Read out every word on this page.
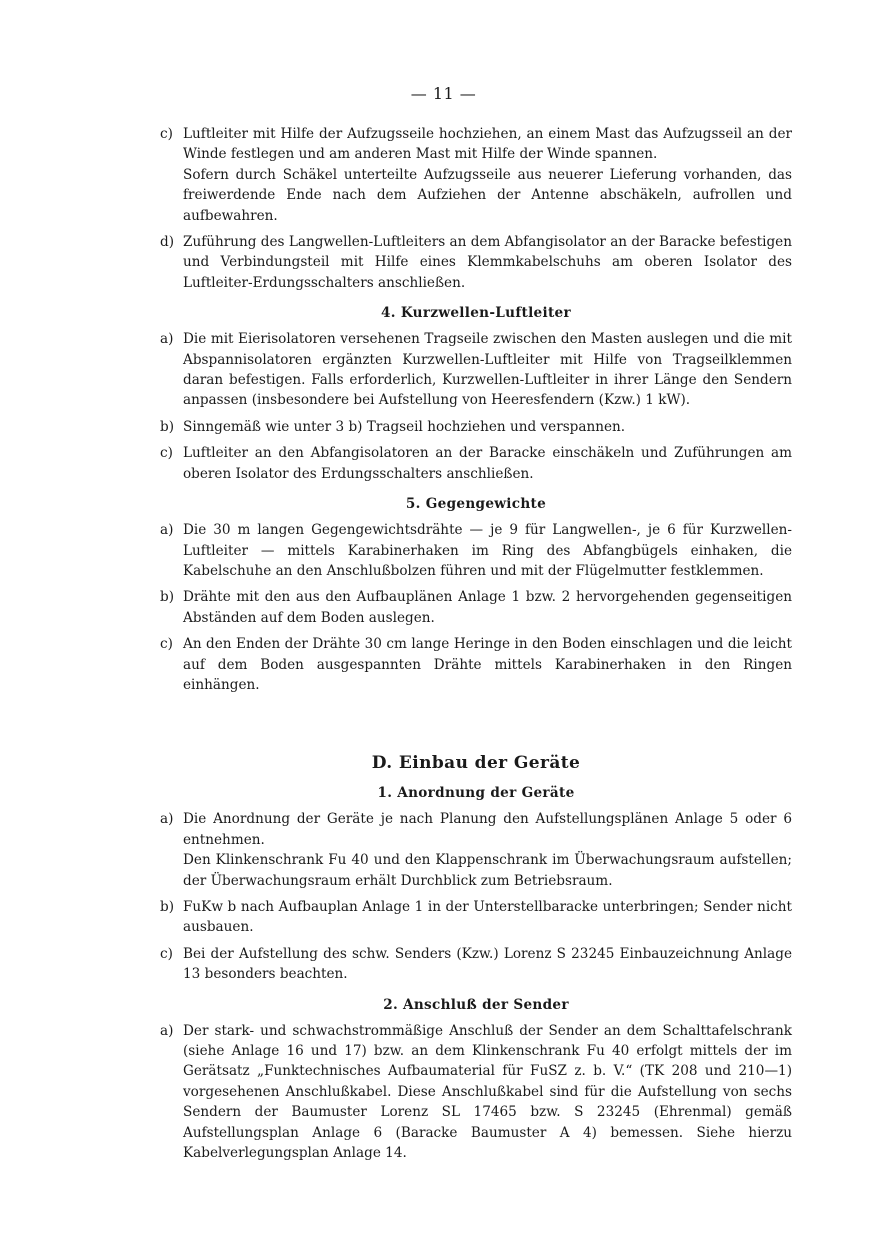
— 11 —
c) Luftleiter mit Hilfe der Aufzugsseile hochziehen, an einem Mast das Aufzugsseil an der Winde festlegen und am anderen Mast mit Hilfe der Winde spannen.

Sofern durch Schäkel unterteilte Aufzugsseile aus neuerer Lieferung vorhanden, das freiwerdende Ende nach dem Aufziehen der Antenne abschäkeln, aufrollen und aufbewahren.

d) Zuführung des Langwellen-Luftleiters an dem Abfangisolator an der Baracke befestigen und Verbindungsteil mit Hilfe eines Klemmkabelschuhs am oberen Isolator des Luftleiter-Erdungsschalters anschließen.

4. Kurzwellen-Luftleiter
a) Die mit Eierisolatoren versehenen Tragseile zwischen den Masten auslegen und die mit Abspannisolatoren ergänzten Kurzwellen-Luftleiter mit Hilfe von Tragseilklemmen daran befestigen. Falls erforderlich, Kurzwellen-Luftleiter in ihrer Länge den Sendern anpassen (insbesondere bei Aufstellung von Heeresfendern (Kzw.) 1 kW).

b) Sinngemäß wie unter 3 b) Tragseil hochziehen und verspannen.

c) Luftleiter an den Abfangisolatoren an der Baracke einschäkeln und Zuführungen am oberen Isolator des Erdungsschalters anschließen.

5. Gegengewichte
a) Die 30 m langen Gegengewichtsdrähte — je 9 für Langwellen-, je 6 für Kurzwellen-Luftleiter — mittels Karabinerhaken im Ring des Abfangbügels einhaken, die Kabelschuhe an den Anschlußbolzen führen und mit der Flügelmutter festklemmen.

b) Drähte mit den aus den Aufbauplänen Anlage 1 bzw. 2 hervorgehenden gegenseitigen Abständen auf dem Boden auslegen.

c) An den Enden der Drähte 30 cm lange Heringe in den Boden einschlagen und die leicht auf dem Boden ausgespannten Drähte mittels Karabinerhaken in den Ringen einhängen.

D. Einbau der Geräte
1. Anordnung der Geräte
a) Die Anordnung der Geräte je nach Planung den Aufstellungsplänen Anlage 5 oder 6 entnehmen.

Den Klinkenschrank Fu 40 und den Klappenschrank im Überwachungsraum aufstellen; der Überwachungsraum erhält Durchblick zum Betriebsraum.

b) FuKw b nach Aufbauplan Anlage 1 in der Unterstellbaracke unterbringen; Sender nicht ausbauen.

c) Bei der Aufstellung des schw. Senders (Kzw.) Lorenz S 23245 Einbauzeichnung Anlage 13 besonders beachten.

2. Anschluß der Sender
a) Der stark- und schwachstrommäßige Anschluß der Sender an dem Schalttafelschrank (siehe Anlage 16 und 17) bzw. an dem Klinkenschrank Fu 40 erfolgt mittels der im Gerätsatz „Funktechnisches Aufbaumaterial für FuSZ z. b. V.“ (TK 208 und 210—1) vorgesehenen Anschlußkabel. Diese Anschlußkabel sind für die Aufstellung von sechs Sendern der Baumuster Lorenz SL 17465 bzw. S 23245 (Ehrenmal) gemäß Aufstellungsplan Anlage 6 (Baracke Baumuster A 4) bemessen. Siehe hierzu Kabelverlegungsplan Anlage 14.
